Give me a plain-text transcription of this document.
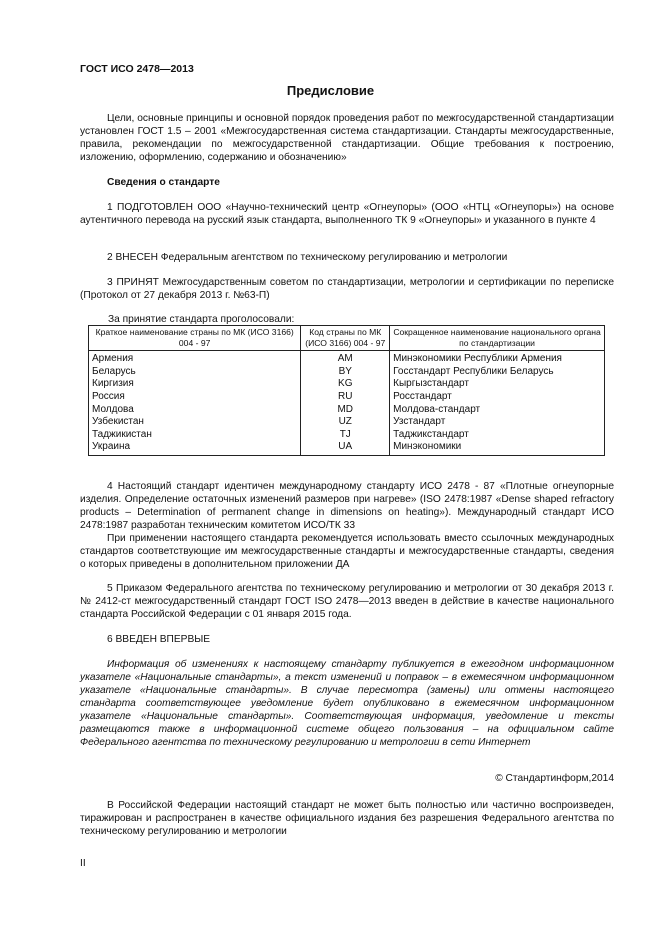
ГОСТ ИСО 2478—2013
Предисловие

Цели, основные принципы и основной порядок проведения работ по межгосударственной стандартизации установлен ГОСТ 1.5 – 2001 «Межгосударственная система стандартизации. Стандарты межгосударственные, правила, рекомендации по межгосударственной стандартизации. Общие требования к построению, изложению, оформлению, содержанию и обозначению»

Сведения о стандарте

1 ПОДГОТОВЛЕН ООО «Научно-технический центр «Огнеупоры» (ООО «НТЦ «Огнеупоры») на основе аутентичного перевода на русский язык стандарта, выполненного ТК 9 «Огнеупоры» и указанного в пункте 4

2 ВНЕСЕН Федеральным агентством по техническому регулированию и метрологии

3 ПРИНЯТ Межгосударственным советом по стандартизации, метрологии и сертификации по переписке (Протокол от 27 декабря 2013 г. №63-П)

За принятие стандарта проголосовали:
Краткое наименование страны по МК (ИСО 3166) 004 - 97	Код страны по МК (ИСО 3166) 004 - 97	Сокращенное наименование национального органа по стандартизации
Армения	AM	Минэкономики Республики Армения
Беларусь	BY	Госстандарт Республики Беларусь
Киргизия	KG	Кыргызстандарт
Россия	RU	Росстандарт
Молдова	MD	Молдова-стандарт
Узбекистан	UZ	Узстандарт
Таджикистан	TJ	Таджикстандарт
Украина	UA	Минэкономики

4 Настоящий стандарт идентичен международному стандарту ИСО 2478 - 87 «Плотные огнеупорные изделия. Определение остаточных изменений размеров при нагреве» (ISO 2478:1987 «Dense shaped refractory products – Determination of permanent change in dimensions on heating»). Международный стандарт ИСО 2478:1987 разработан техническим комитетом ИСО/ТК 33

При применении настоящего стандарта рекомендуется использовать вместо ссылочных международных стандартов соответствующие им межгосударственные стандарты и межгосударственные стандарты, сведения о которых приведены в дополнительном приложении ДА

5 Приказом Федерального агентства по техническому регулированию и метрологии от 30 декабря 2013 г. № 2412-ст межгосударственный стандарт ГОСТ ISO 2478—2013 введен в действие в качестве национального стандарта Российской Федерации с 01 января 2015 года.

6 ВВЕДЕН ВПЕРВЫЕ

Информация об изменениях к настоящему стандарту публикуется в ежегодном информационном указателе «Национальные стандарты», а текст изменений и поправок – в ежемесячном информационном указателе «Национальные стандарты». В случае пересмотра (замены) или отмены настоящего стандарта соответствующее уведомление будет опубликовано в ежемесячном информационном указателе «Национальные стандарты». Соответствующая информация, уведомление и тексты размещаются также в информационной системе общего пользования – на официальном сайте Федерального агентства по техническому регулированию и метрологии в сети Интернет

© Стандартинформ,2014

В Российской Федерации настоящий стандарт не может быть полностью или частично воспроизведен, тиражирован и распространен в качестве официального издания без разрешения Федерального агентства по техническому регулированию и метрологии

II
